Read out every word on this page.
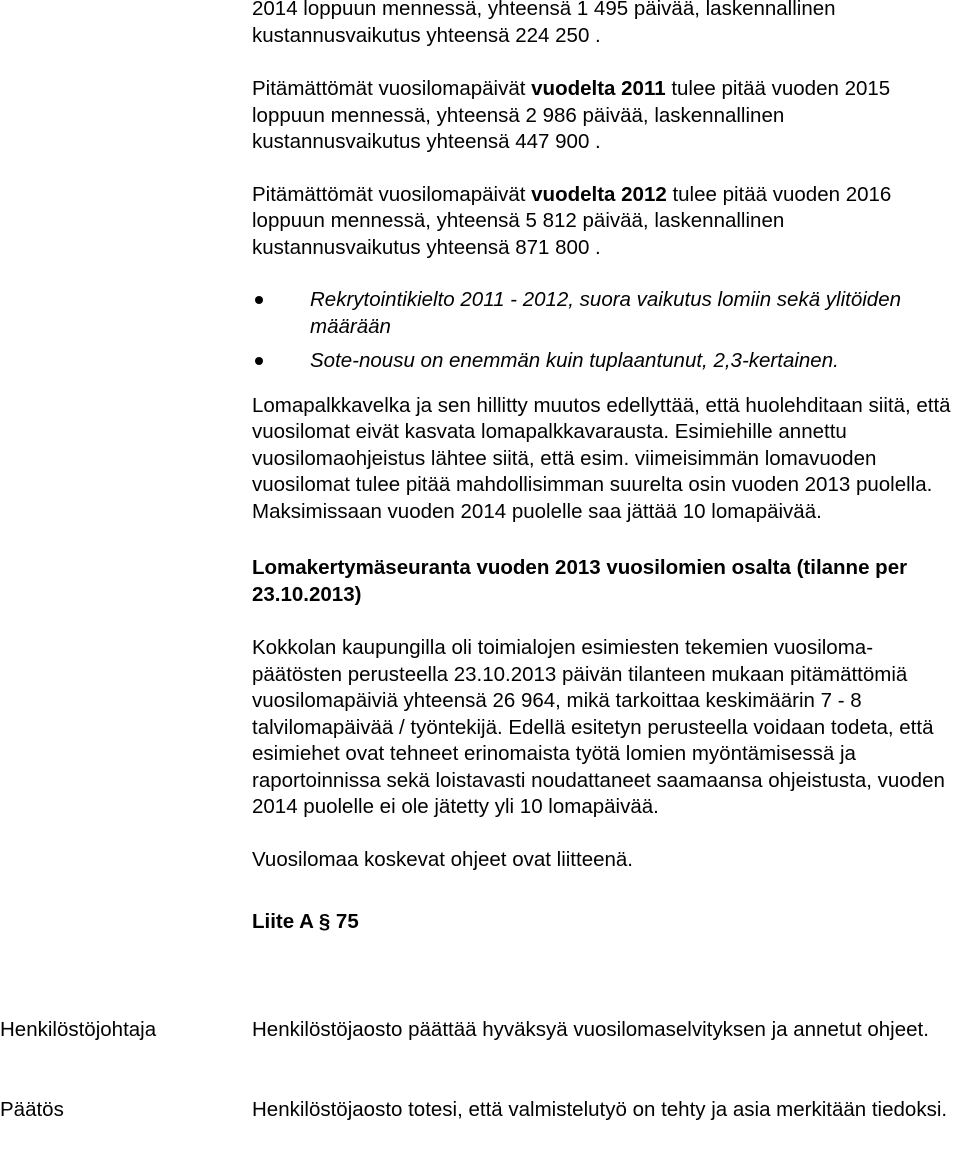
2014 loppuun mennessä, yhteensä 1 495 päivää, laskennallinen
kustannusvaikutus yhteensä 224 250 .

Pitämättömät vuosilomapäivät vuodelta 2011 tulee pitää vuoden 2015 loppuun mennessä, yhteensä 2 986 päivää, laskennallinen kustannusvaikutus yhteensä 447 900 .

Pitämättömät vuosilomapäivät vuodelta 2012 tulee pitää vuoden 2016 loppuun mennessä, yhteensä 5 812 päivää, laskennallinen kustannusvaikutus yhteensä 871 800 .

Rekrytointikielto 2011 - 2012, suora vaikutus lomiin sekä ylitöiden määrään
Sote-nousu on enemmän kuin tuplaantunut, 2,3-kertainen.

Lomapalkkavelka ja sen hillitty muutos edellyttää, että huolehditaan siitä, että vuosilomat eivät kasvata lomapalkkavarausta. Esimiehille annettu vuosilomaohjeistus lähtee siitä, että esim. viimeisimmän lomavuoden vuosilomat tulee pitää mahdollisimman suurelta osin vuoden 2013 puolella. Maksimissaan vuoden 2014 puolelle saa jättää 10 lomapäivää.

Lomakertymäseuranta vuoden 2013 vuosilomien osalta (tilanne per 23.10.2013)

Kokkolan kaupungilla oli toimialojen esimiesten tekemien vuosilomapäätösten perusteella 23.10.2013 päivän tilanteen mukaan pitämättömiä vuosilomapäiviä yhteensä 26 964, mikä tarkoittaa keskimäärin 7 - 8 talvilomapäivää / työntekijä. Edellä esitetyn perusteella voidaan todeta, että esimiehet ovat tehneet erinomaista työtä lomien myöntämisessä ja raportoinnissa sekä loistavasti noudattaneet saamaansa ohjeistusta, vuoden 2014 puolelle ei ole jätetty yli 10 lomapäivää.

Vuosilomaa koskevat ohjeet ovat liitteenä.

Liite A § 75

Henkilöstöjohtaja	Henkilöstöjaosto päättää hyväksyä vuosilomaselvityksen ja annetut ohjeet.
Päätös	Henkilöstöjaosto totesi, että valmistelutyö on tehty ja asia merkitään tiedoksi.
